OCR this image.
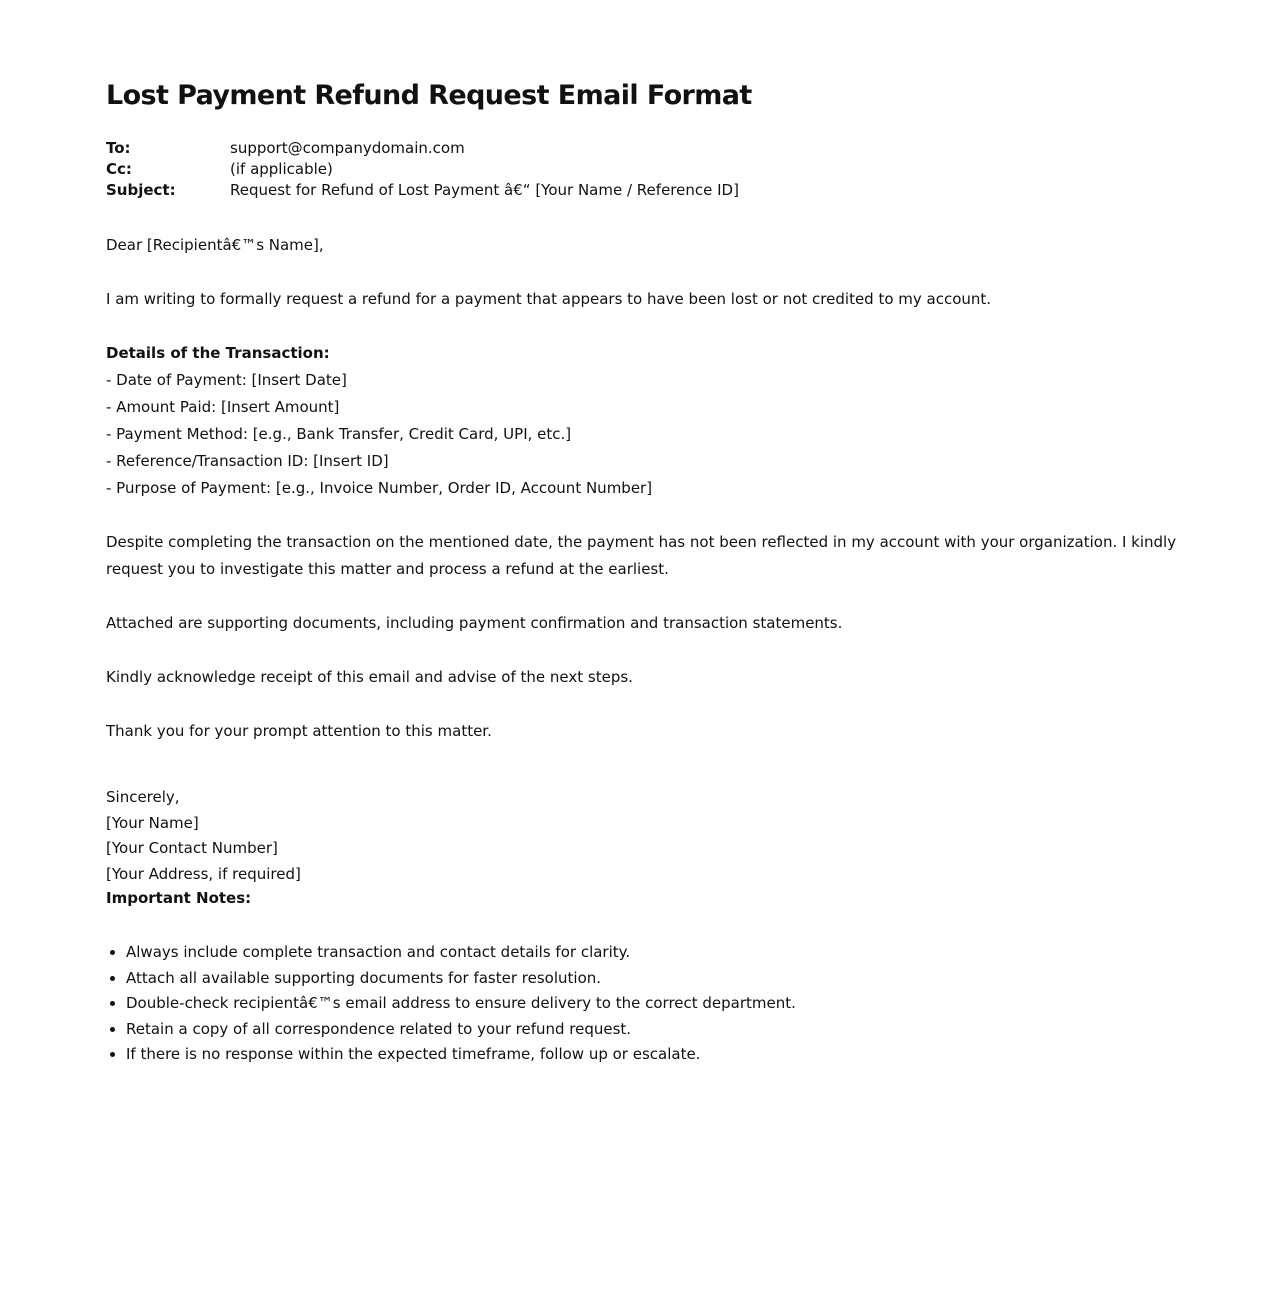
Lost Payment Refund Request Email Format
To:	support@companydomain.com
Cc:	(if applicable)
Subject:	Request for Refund of Lost Payment â€“ [Your Name / Reference ID]

Dear [Recipientâ€™s Name],

I am writing to formally request a refund for a payment that appears to have been lost or not credited to my account.

Details of the Transaction:
- Date of Payment: [Insert Date]
- Amount Paid: [Insert Amount]
- Payment Method: [e.g., Bank Transfer, Credit Card, UPI, etc.]
- Reference/Transaction ID: [Insert ID]
- Purpose of Payment: [e.g., Invoice Number, Order ID, Account Number]

Despite completing the transaction on the mentioned date, the payment has not been reflected in my account with your organization. I kindly request you to investigate this matter and process a refund at the earliest.

Attached are supporting documents, including payment confirmation and transaction statements.

Kindly acknowledge receipt of this email and advise of the next steps.

Thank you for your prompt attention to this matter.

Sincerely,
[Your Name]
[Your Contact Number]
[Your Address, if required]
Important Notes:
• Always include complete transaction and contact details for clarity.
• Attach all available supporting documents for faster resolution.
• Double-check recipientâ€™s email address to ensure delivery to the correct department.
• Retain a copy of all correspondence related to your refund request.
• If there is no response within the expected timeframe, follow up or escalate.
